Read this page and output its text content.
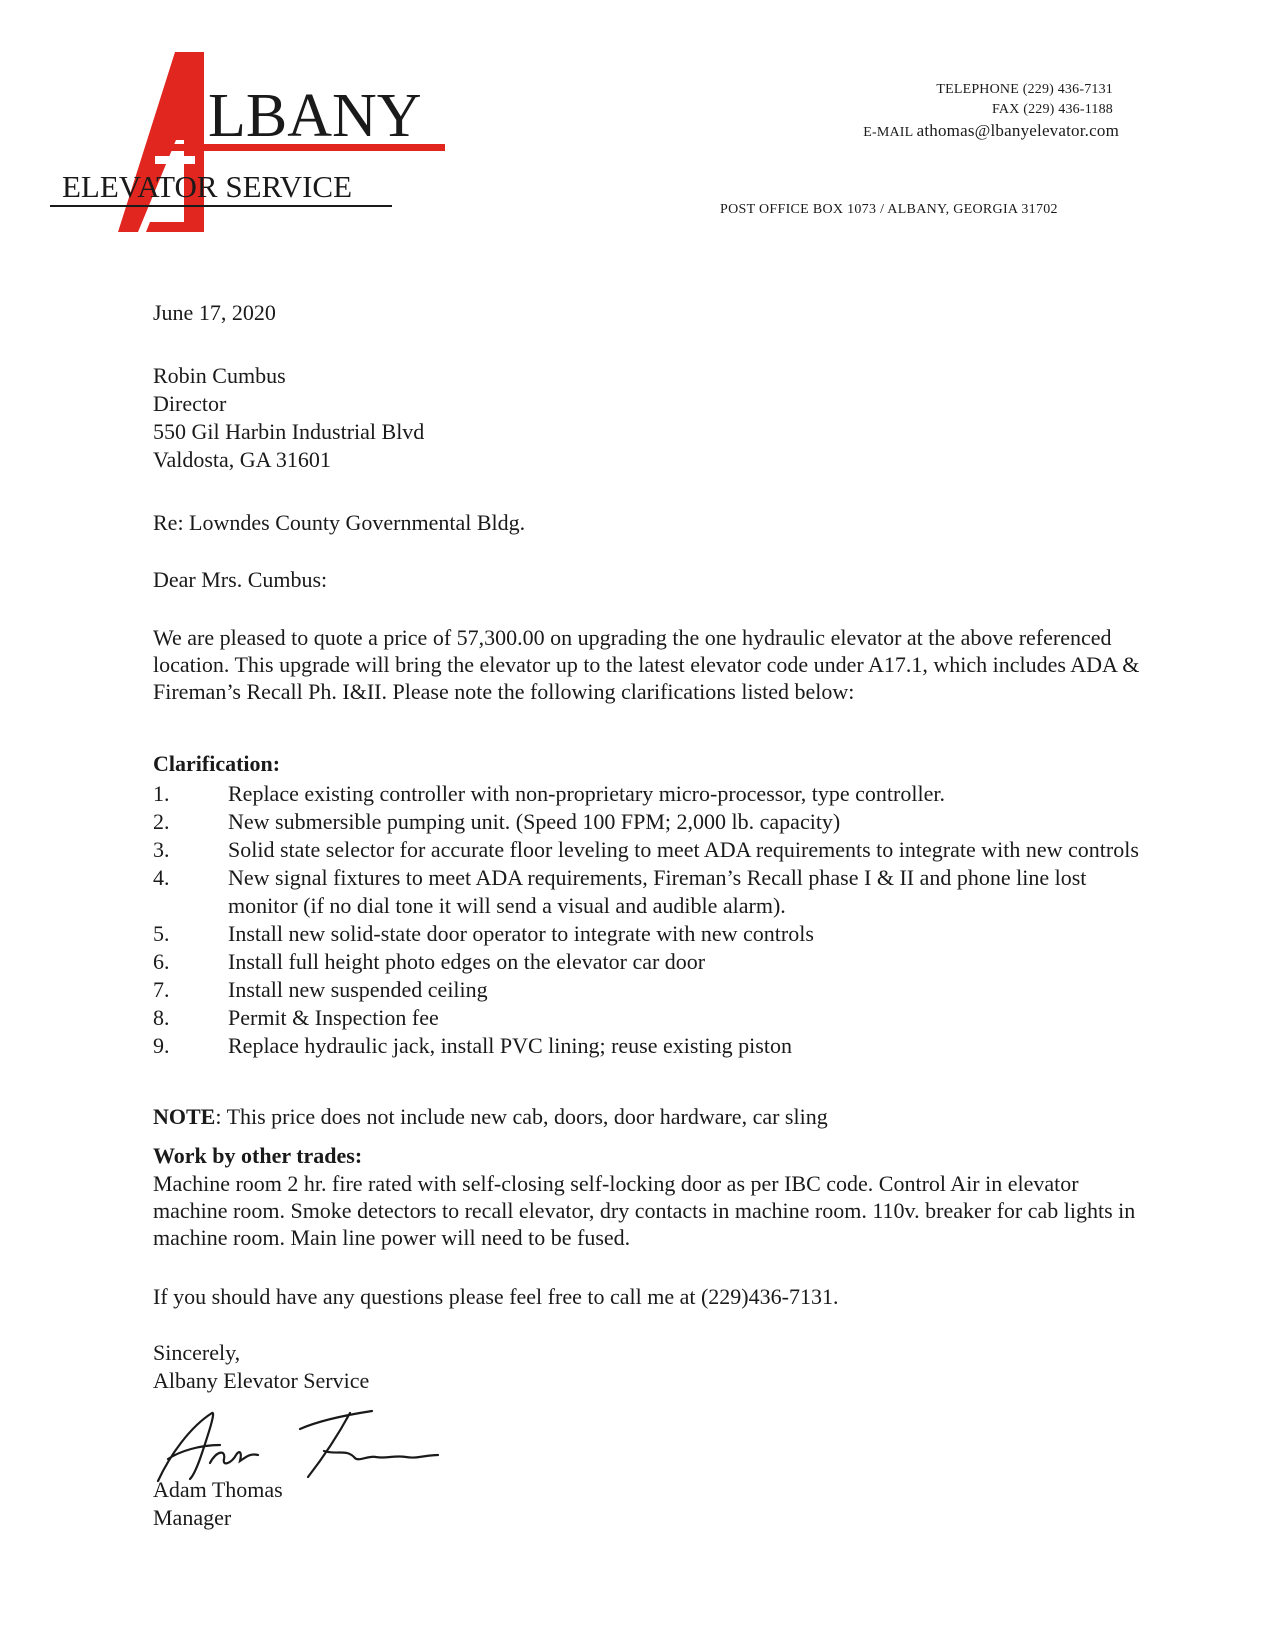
LBANY
ELEVATOR SERVICE
TELEPHONE (229) 436-7131
FAX (229) 436-1188
E-MAIL athomas@lbanyelevator.com
POST OFFICE BOX 1073 / ALBANY, GEORGIA 31702
June 17, 2020
Robin Cumbus
Director
550 Gil Harbin Industrial Blvd
Valdosta, GA 31601
Re: Lowndes County Governmental Bldg.
Dear Mrs. Cumbus:
We are pleased to quote a price of 57,300.00 on upgrading the one hydraulic elevator at the above referenced location. This upgrade will bring the elevator up to the latest elevator code under A17.1, which includes ADA & Fireman’s Recall Ph. I&II. Please note the following clarifications listed below:
Clarification:
1.	Replace existing controller with non-proprietary micro-processor, type controller.
2.	New submersible pumping unit. (Speed 100 FPM; 2,000 lb. capacity)
3.	Solid state selector for accurate floor leveling to meet ADA requirements to integrate with new controls
4.	New signal fixtures to meet ADA requirements, Fireman’s Recall phase I & II and phone line lost monitor (if no dial tone it will send a visual and audible alarm).
5.	Install new solid-state door operator to integrate with new controls
6.	Install full height photo edges on the elevator car door
7.	Install new suspended ceiling
8.	Permit & Inspection fee
9.	Replace hydraulic jack, install PVC lining; reuse existing piston
NOTE: This price does not include new cab, doors, door hardware, car sling
Work by other trades:
Machine room 2 hr. fire rated with self-closing self-locking door as per IBC code. Control Air in elevator machine room. Smoke detectors to recall elevator, dry contacts in machine room. 110v. breaker for cab lights in machine room. Main line power will need to be fused.
If you should have any questions please feel free to call me at (229)436-7131.
Sincerely,
Albany Elevator Service
Adam Thomas
Manager
